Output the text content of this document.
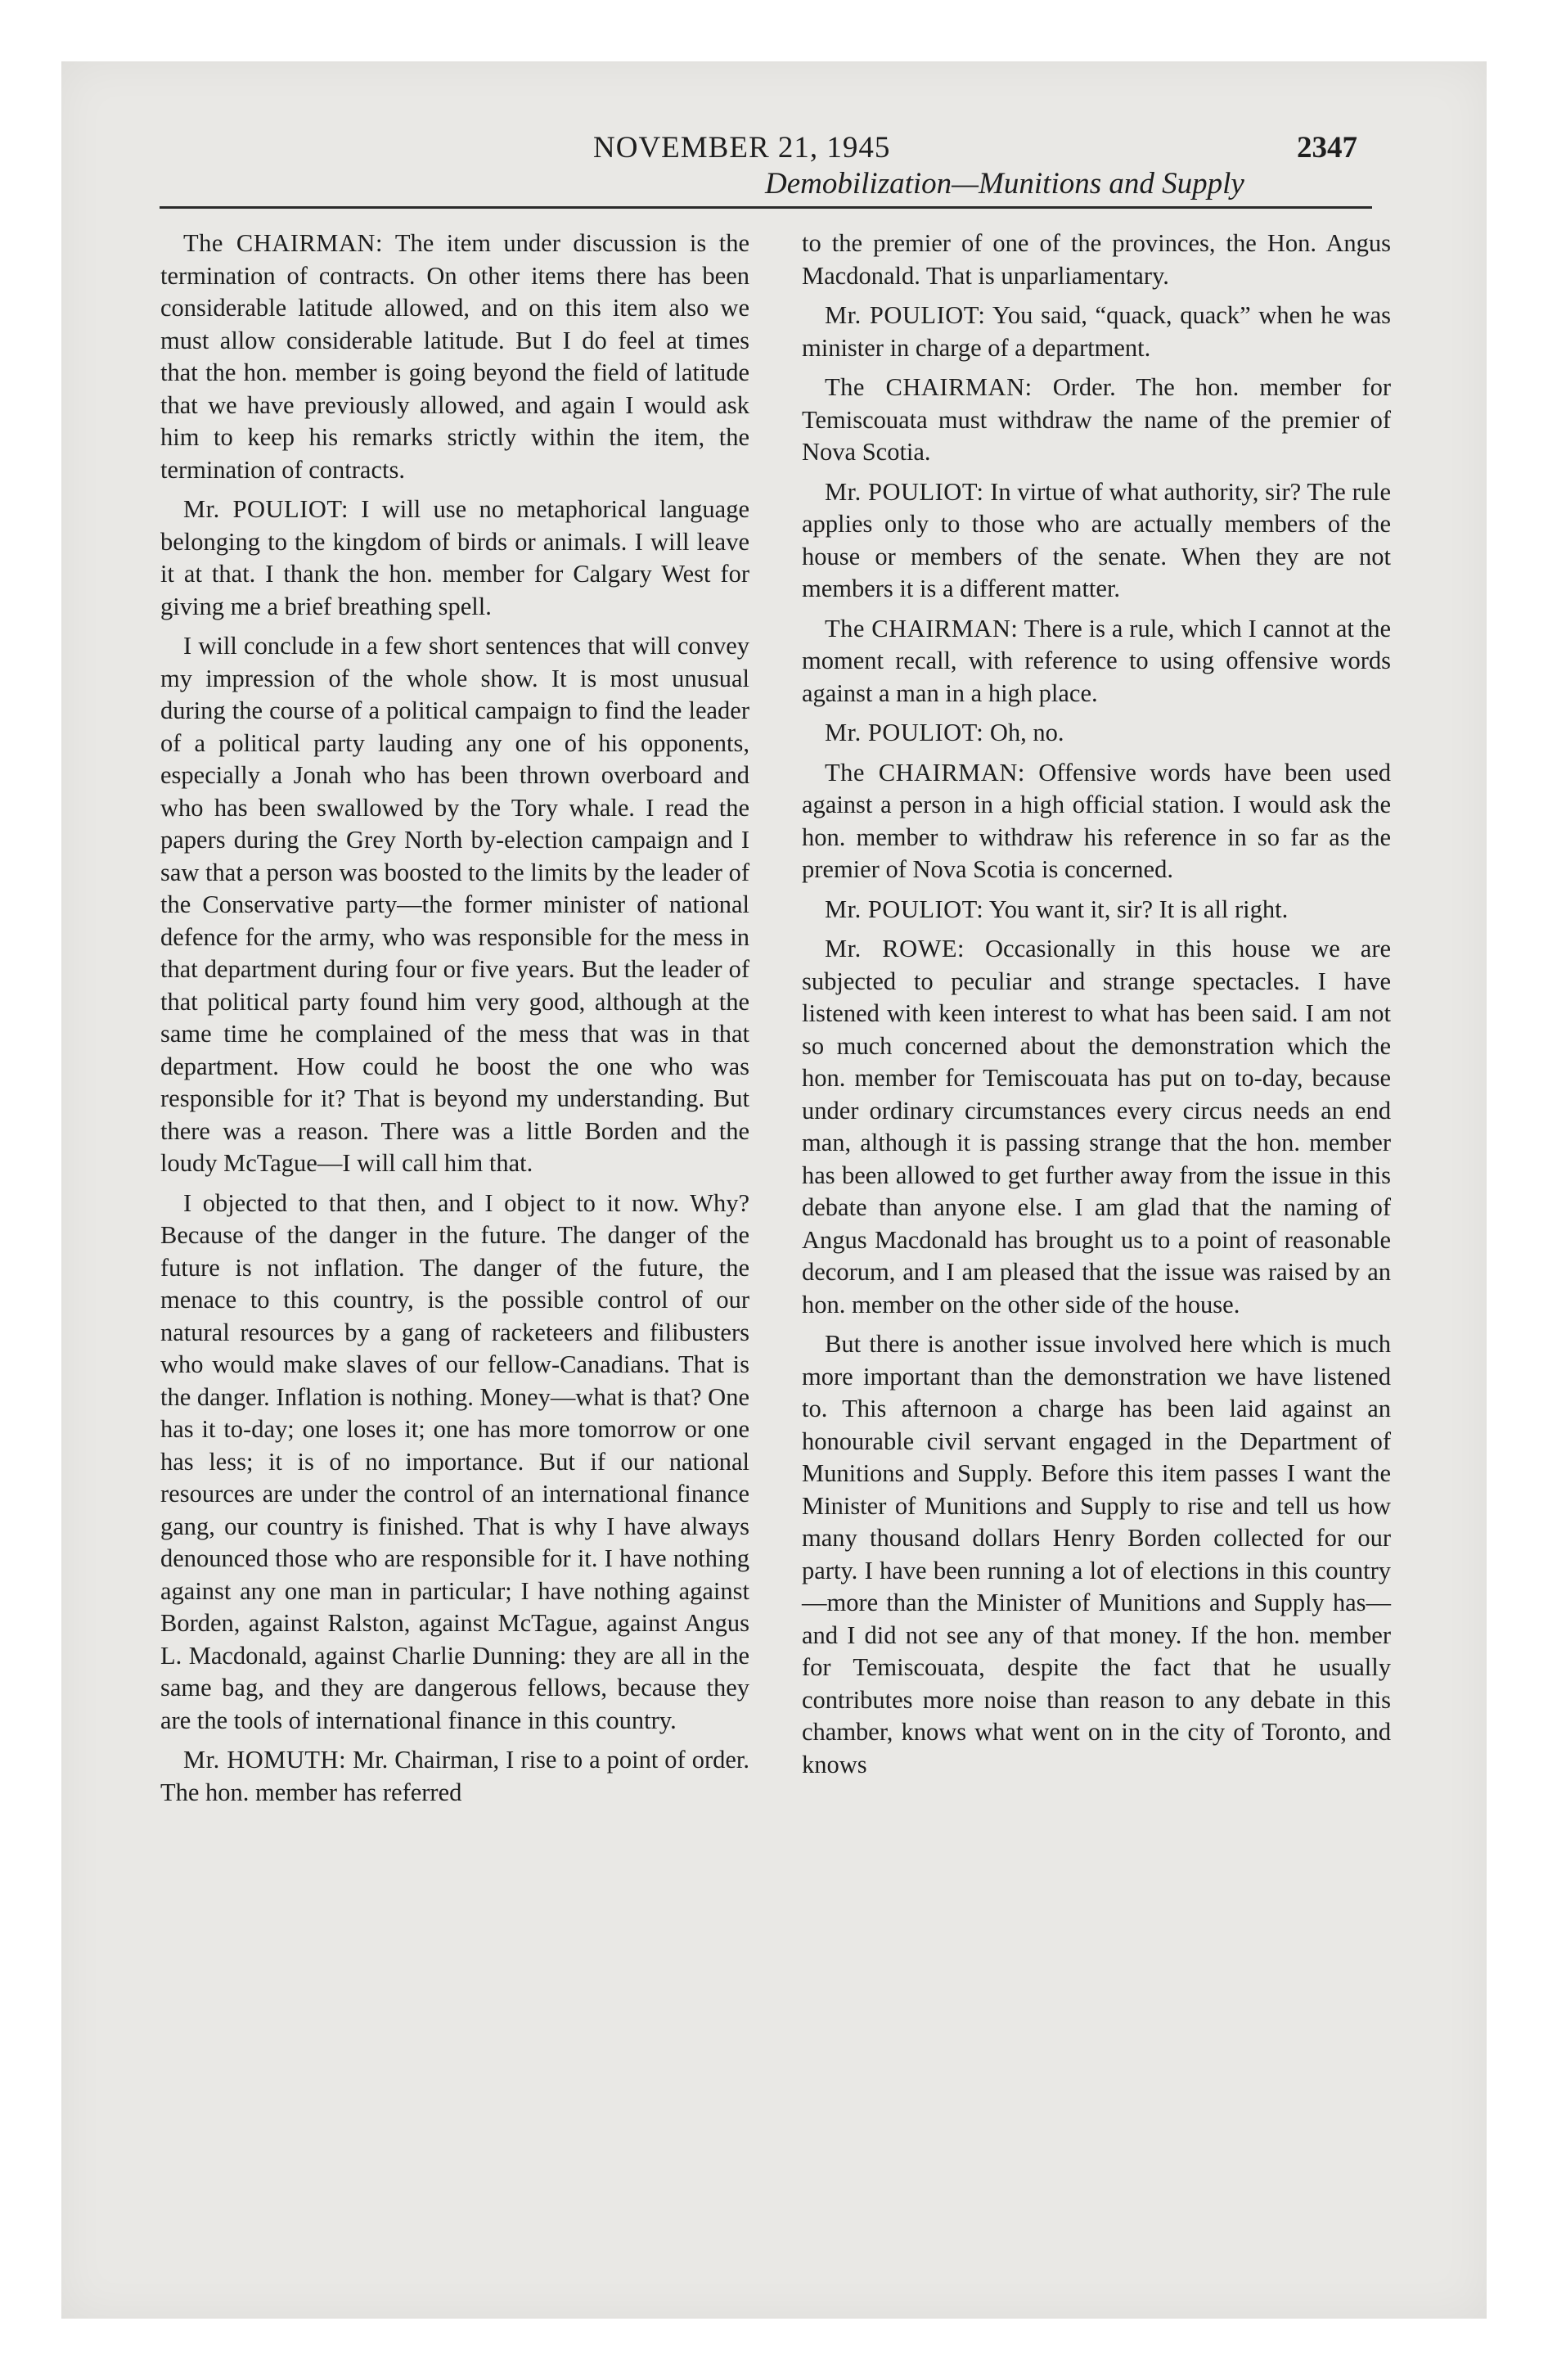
NOVEMBER 21, 1945	2347
Demobilization—Munitions and Supply

The CHAIRMAN: The item under discussion is the termination of contracts. On other items there has been considerable latitude allowed, and on this item also we must allow considerable latitude. But I do feel at times that the hon. member is going beyond the field of latitude that we have previously allowed, and again I would ask him to keep his remarks strictly within the item, the termination of contracts.

Mr. POULIOT: I will use no metaphorical language belonging to the kingdom of birds or animals. I will leave it at that. I thank the hon. member for Calgary West for giving me a brief breathing spell.

I will conclude in a few short sentences that will convey my impression of the whole show. It is most unusual during the course of a political campaign to find the leader of a political party lauding any one of his opponents, especially a Jonah who has been thrown overboard and who has been swallowed by the Tory whale. I read the papers during the Grey North by-election campaign and I saw that a person was boosted to the limits by the leader of the Conservative party—the former minister of national defence for the army, who was responsible for the mess in that department during four or five years. But the leader of that political party found him very good, although at the same time he complained of the mess that was in that department. How could he boost the one who was responsible for it? That is beyond my understanding. But there was a reason. There was a little Borden and the loudy McTague—I will call him that.

I objected to that then, and I object to it now. Why? Because of the danger in the future. The danger of the future is not inflation. The danger of the future, the menace to this country, is the possible control of our natural resources by a gang of racketeers and filibusters who would make slaves of our fellow-Canadians. That is the danger. Inflation is nothing. Money—what is that? One has it to-day; one loses it; one has more tomorrow or one has less; it is of no importance. But if our national resources are under the control of an international finance gang, our country is finished. That is why I have always denounced those who are responsible for it. I have nothing against any one man in particular; I have nothing against Borden, against Ralston, against McTague, against Angus L. Macdonald, against Charlie Dunning: they are all in the same bag, and they are dangerous fellows, because they are the tools of international finance in this country.

Mr. HOMUTH: Mr. Chairman, I rise to a point of order. The hon. member has referred

to the premier of one of the provinces, the Hon. Angus Macdonald. That is unparliamentary.

Mr. POULIOT: You said, “quack, quack” when he was minister in charge of a department.

The CHAIRMAN: Order. The hon. member for Temiscouata must withdraw the name of the premier of Nova Scotia.

Mr. POULIOT: In virtue of what authority, sir? The rule applies only to those who are actually members of the house or members of the senate. When they are not members it is a different matter.

The CHAIRMAN: There is a rule, which I cannot at the moment recall, with reference to using offensive words against a man in a high place.

Mr. POULIOT: Oh, no.

The CHAIRMAN: Offensive words have been used against a person in a high official station. I would ask the hon. member to withdraw his reference in so far as the premier of Nova Scotia is concerned.

Mr. POULIOT: You want it, sir? It is all right.

Mr. ROWE: Occasionally in this house we are subjected to peculiar and strange spectacles. I have listened with keen interest to what has been said. I am not so much concerned about the demonstration which the hon. member for Temiscouata has put on to-day, because under ordinary circumstances every circus needs an end man, although it is passing strange that the hon. member has been allowed to get further away from the issue in this debate than anyone else. I am glad that the naming of Angus Macdonald has brought us to a point of reasonable decorum, and I am pleased that the issue was raised by an hon. member on the other side of the house.

But there is another issue involved here which is much more important than the demonstration we have listened to. This afternoon a charge has been laid against an honourable civil servant engaged in the Department of Munitions and Supply. Before this item passes I want the Minister of Munitions and Supply to rise and tell us how many thousand dollars Henry Borden collected for our party. I have been running a lot of elections in this country—more than the Minister of Munitions and Supply has—and I did not see any of that money. If the hon. member for Temiscouata, despite the fact that he usually contributes more noise than reason to any debate in this chamber, knows what went on in the city of Toronto, and knows
